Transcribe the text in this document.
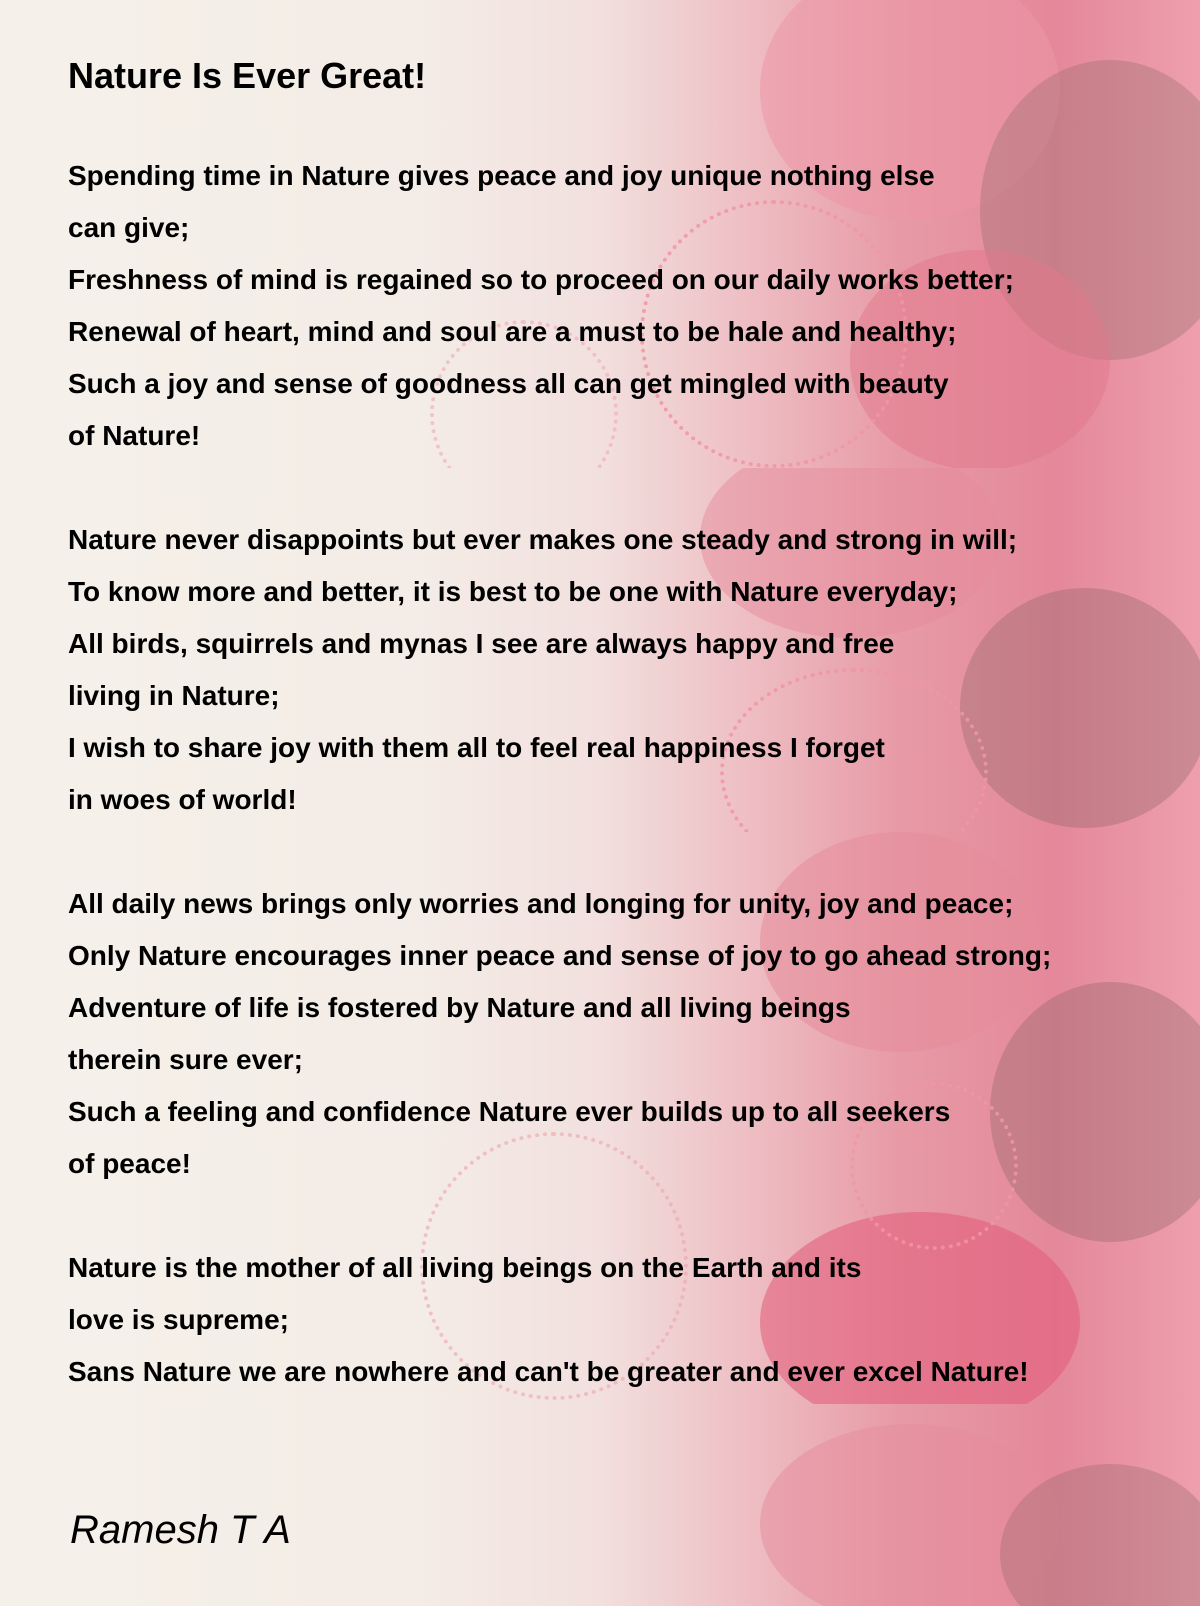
Nature Is Ever Great!
Spending time in Nature gives peace and joy unique nothing else
can give;
Freshness of mind is regained so to proceed on our daily works better;
Renewal of heart, mind and soul are a must to be hale and healthy;
Such a joy and sense of goodness all can get mingled with beauty
of Nature!
Nature never disappoints but ever makes one steady and strong in will;
To know more and better, it is best to be one with Nature everyday;
All birds, squirrels and mynas I see are always happy and free
living in Nature;
I wish to share joy with them all to feel real happiness I forget
in woes of world!
All daily news brings only worries and longing for unity, joy and peace;
Only Nature encourages inner peace and sense of joy to go ahead strong;
Adventure of life is fostered by Nature and all living beings
therein sure ever;
Such a feeling and confidence Nature ever builds up to all seekers
of peace!
Nature is the mother of all living beings on the Earth and its
love is supreme;
Sans Nature we are nowhere and can't be greater and ever excel Nature!

Ramesh T A
